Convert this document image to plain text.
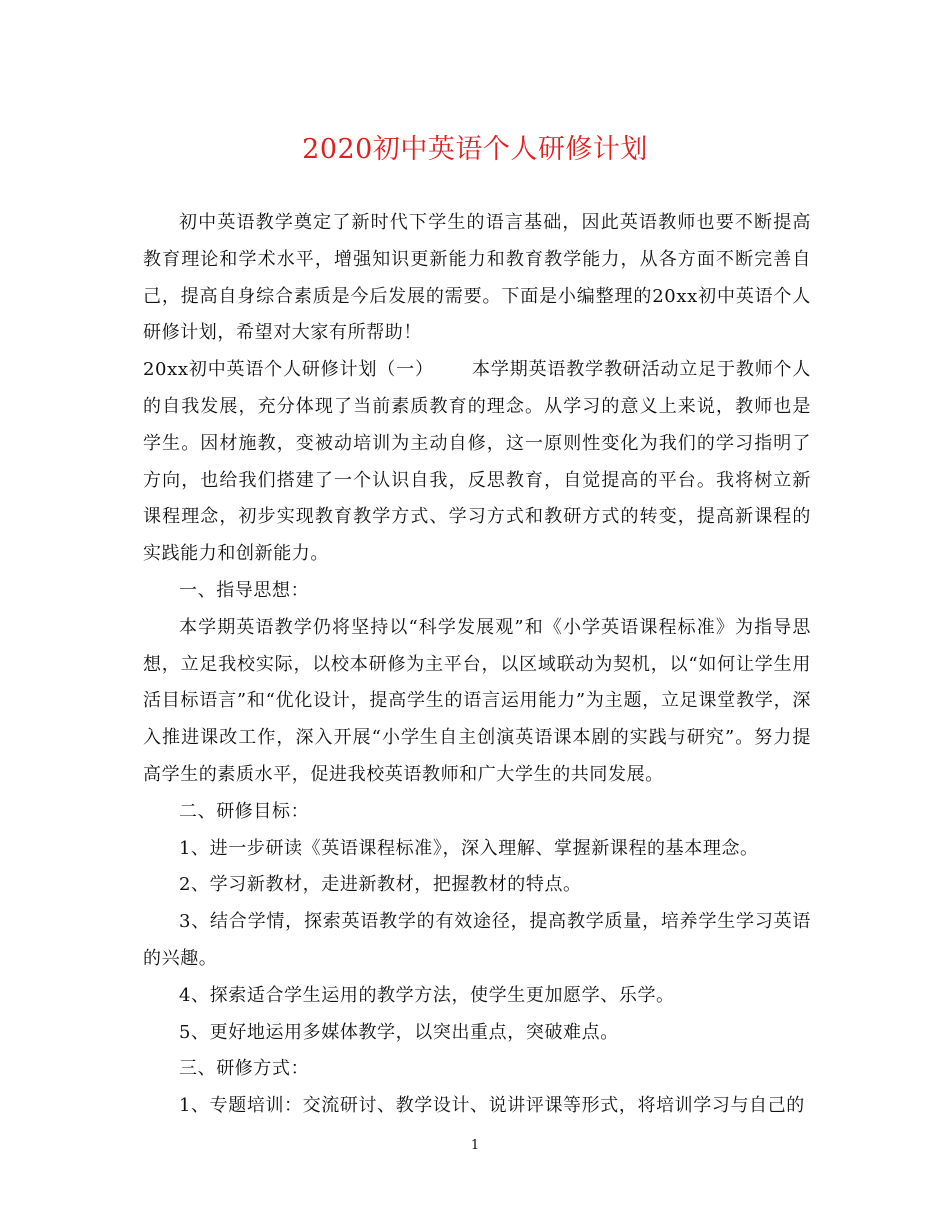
2020初中英语个人研修计划

初中英语教学奠定了新时代下学生的语言基础，因此英语教师也要不断提高教育理论和学术水平，增强知识更新能力和教育教学能力，从各方面不断完善自己，提高自身综合素质是今后发展的需要。下面是小编整理的20xx初中英语个人研修计划，希望对大家有所帮助！

20xx初中英语个人研修计划（一） 本学期英语教学教研活动立足于教师个人的自我发展，充分体现了当前素质教育的理念。从学习的意义上来说，教师也是学生。因材施教，变被动培训为主动自修，这一原则性变化为我们的学习指明了方向，也给我们搭建了一个认识自我，反思教育，自觉提高的平台。我将树立新课程理念，初步实现教育教学方式、学习方式和教研方式的转变，提高新课程的实践能力和创新能力。

一、指导思想：

本学期英语教学仍将坚持以“科学发展观”和《小学英语课程标准》为指导思想，立足我校实际，以校本研修为主平台，以区域联动为契机，以“如何让学生用活目标语言”和“优化设计，提高学生的语言运用能力”为主题，立足课堂教学，深入推进课改工作，深入开展“小学生自主创演英语课本剧的实践与研究”。努力提高学生的素质水平，促进我校英语教师和广大学生的共同发展。

二、研修目标：

1、进一步研读《英语课程标准》，深入理解、掌握新课程的基本理念。

2、学习新教材，走进新教材，把握教材的特点。

3、结合学情，探索英语教学的有效途径，提高教学质量，培养学生学习英语的兴趣。

4、探索适合学生运用的教学方法，使学生更加愿学、乐学。

5、更好地运用多媒体教学，以突出重点，突破难点。

三、研修方式：

1、专题培训：交流研讨、教学设计、说讲评课等形式，将培训学习与自己的

1
